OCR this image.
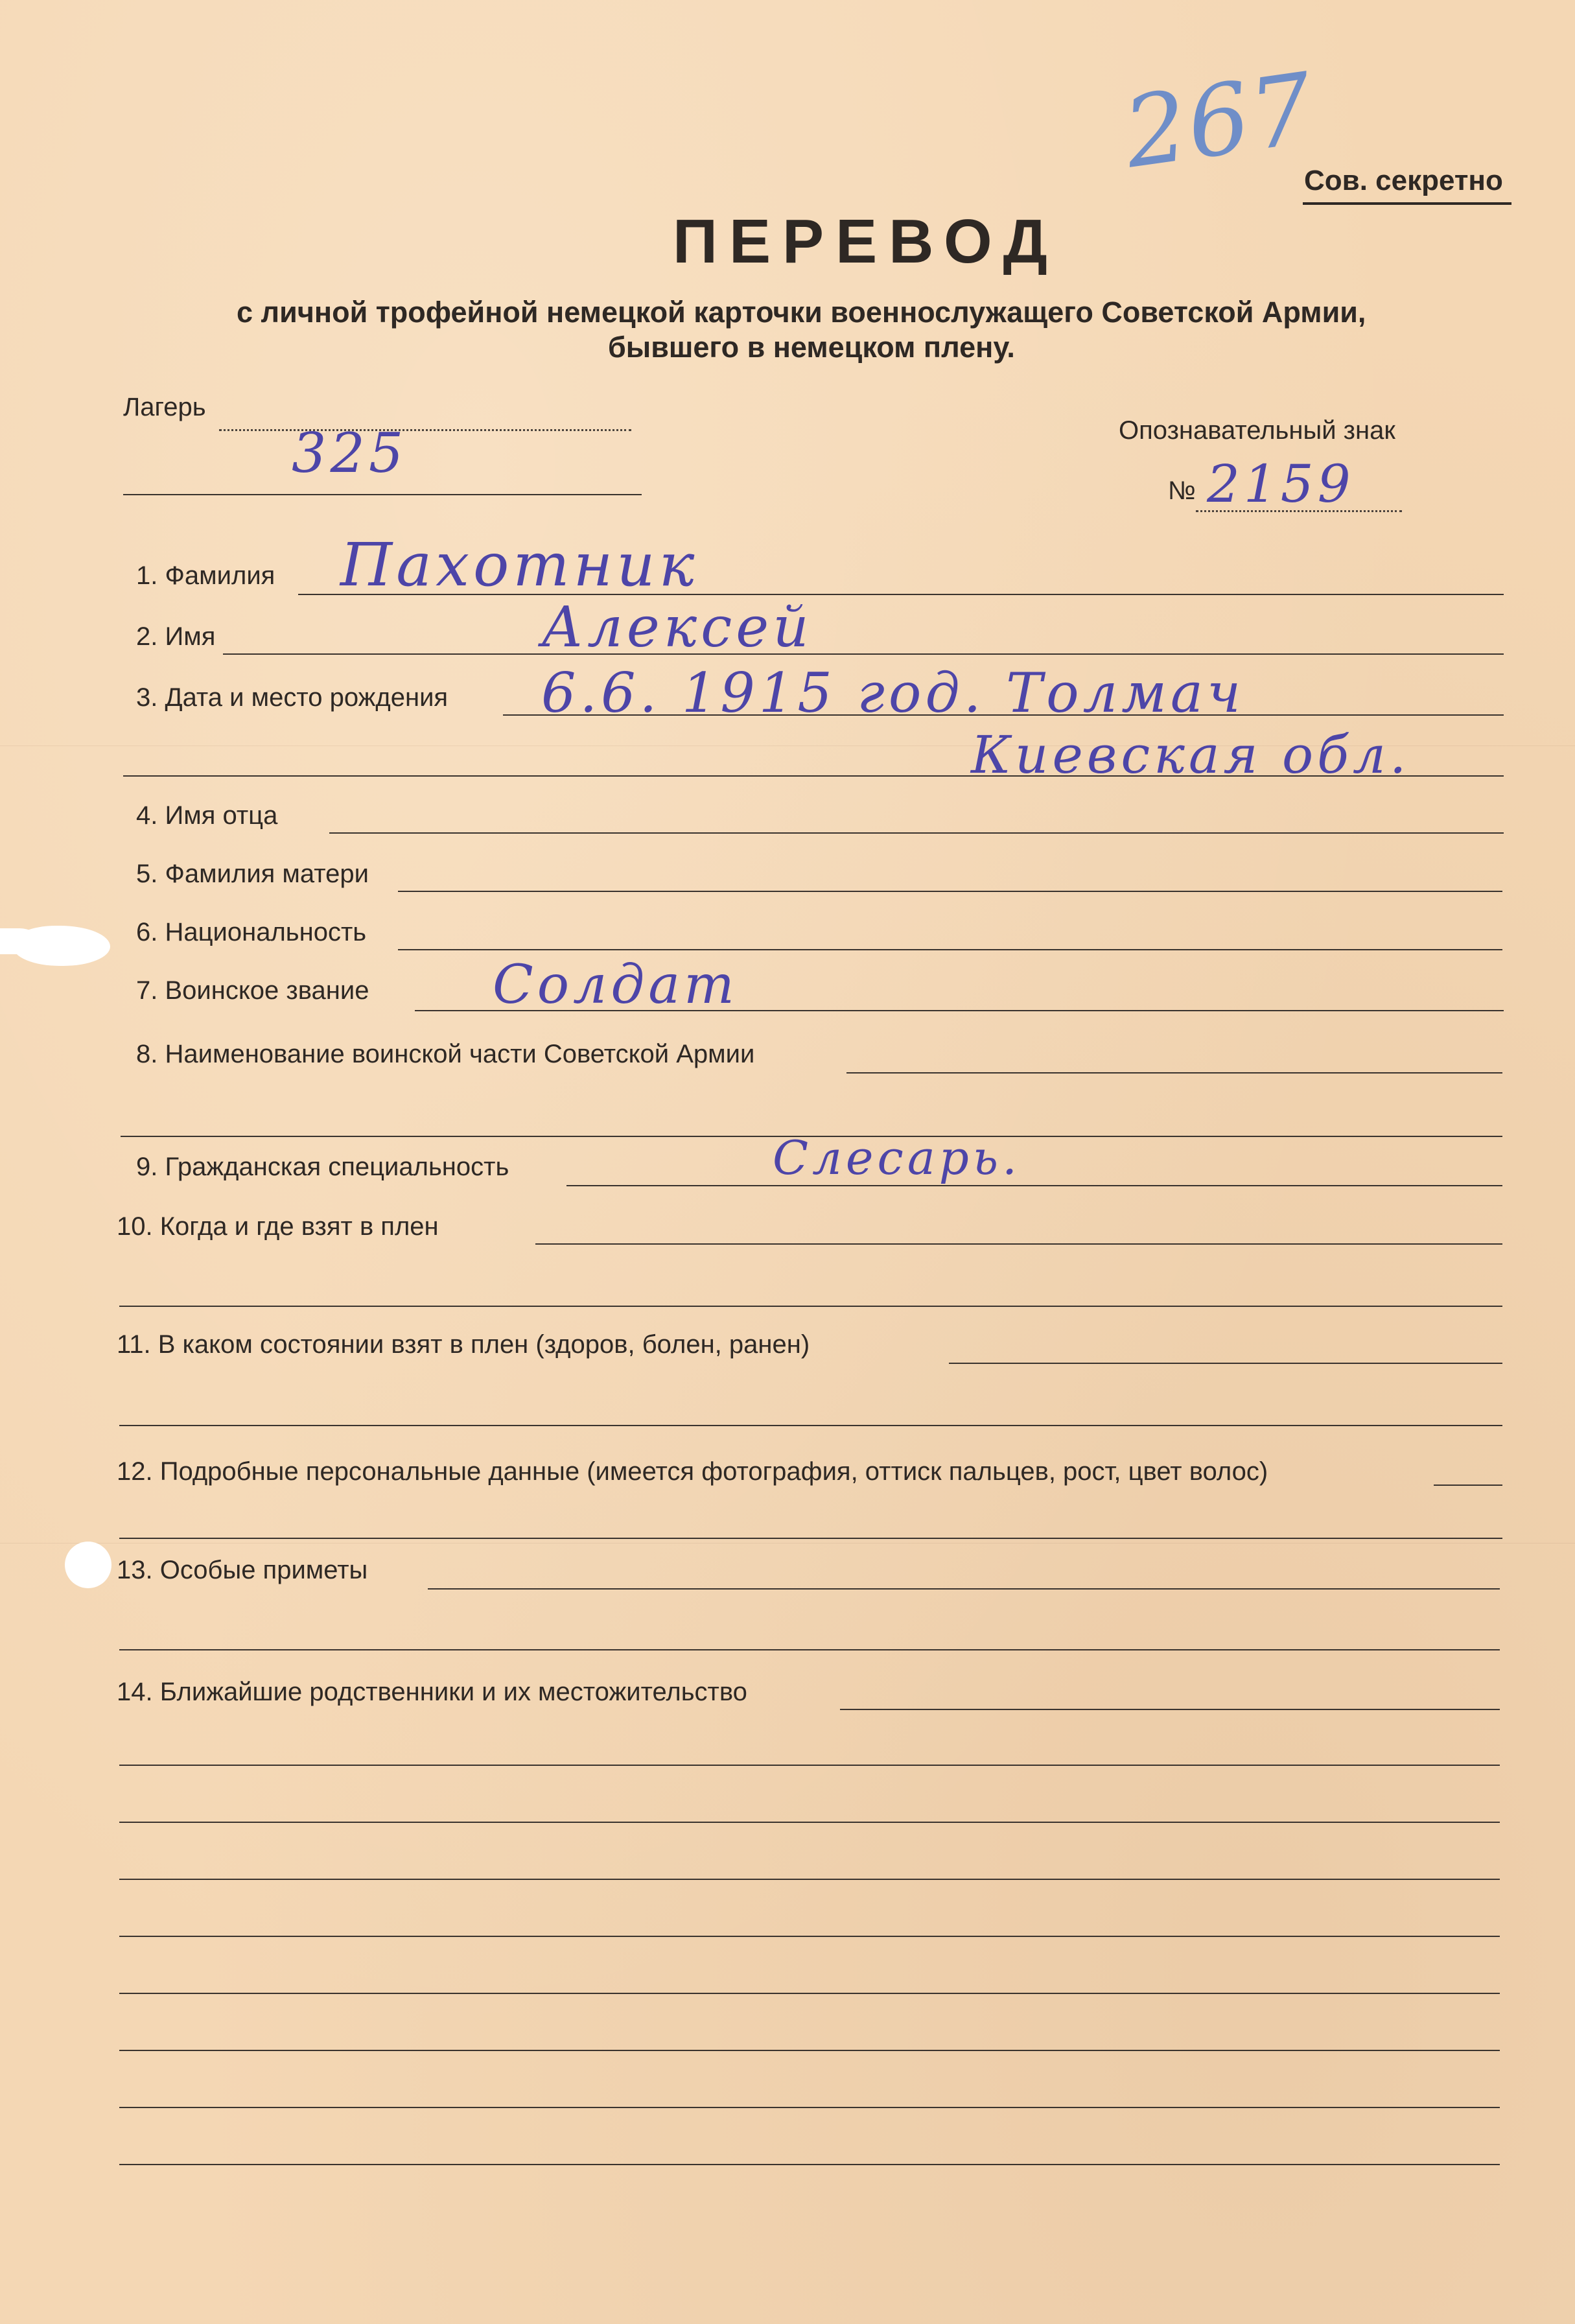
267
Сов. секретно
ПЕРЕВОД
с личной трофейной немецкой карточки военнослужащего Советской Армии,
бывшего в немецком плену.
Лагерь
325	Опознавательный знак
№ 2159
1. Фамилия Пахотник
2. Имя	Алексей
3. Дата и место рождения 6.6. 1915 год. Толмач
Киевская обл.
4. Имя отца
5. Фамилия матери
6. Национальность
7. Воинское звание Солдат
8. Наименование воинской части Советской Армии
9. Гражданская специальность	Слесарь.
10. Когда и где взят в плен
11. В каком состоянии взят в плен (здоров, болен, ранен)
12. Подробные персональные данные (имеется фотография, оттиск пальцев, рост, цвет волос)
13. Особые приметы
14. Ближайшие родственники и их местожительство
